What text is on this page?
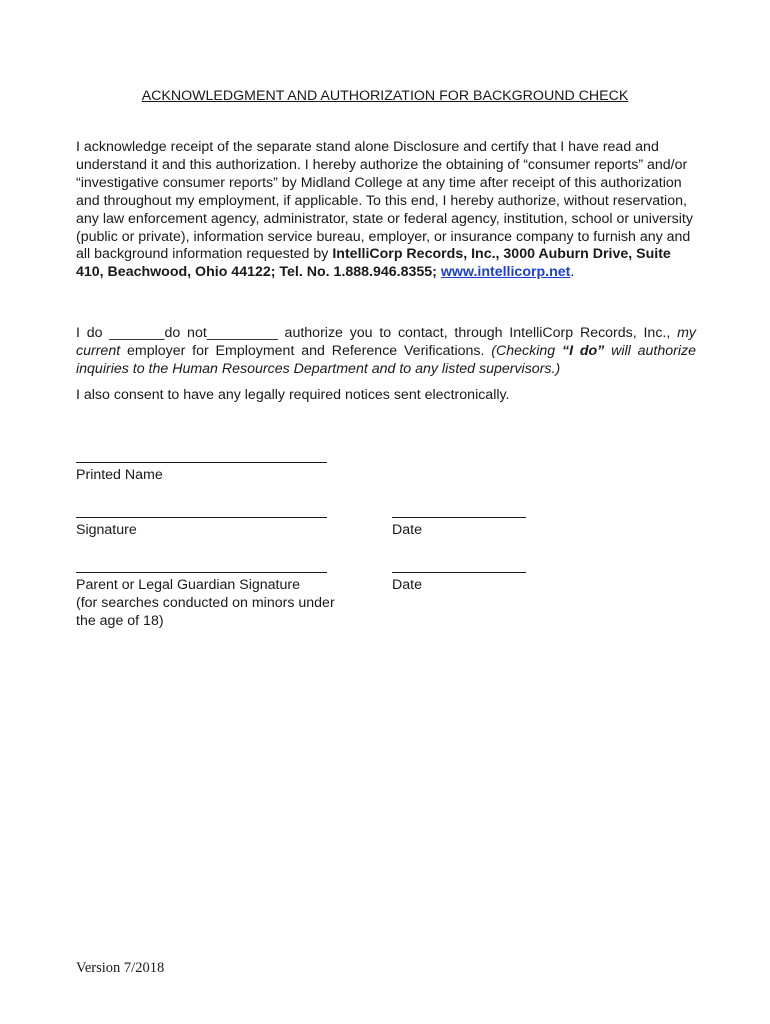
ACKNOWLEDGMENT AND AUTHORIZATION FOR BACKGROUND CHECK
I acknowledge receipt of the separate stand alone Disclosure and certify that I have read and understand it and this authorization. I hereby authorize the obtaining of “consumer reports” and/or “investigative consumer reports” by Midland College at any time after receipt of this authorization and throughout my employment, if applicable. To this end, I hereby authorize, without reservation, any law enforcement agency, administrator, state or federal agency, institution, school or university (public or private), information service bureau, employer, or insurance company to furnish any and all background information requested by IntelliCorp Records, Inc., 3000 Auburn Drive, Suite 410, Beachwood, Ohio 44122; Tel. No. 1.888.946.8355; www.intellicorp.net.
I do _______do not_________ authorize you to contact, through IntelliCorp Records, Inc., my current employer for Employment and Reference Verifications. (Checking “I do” will authorize inquiries to the Human Resources Department and to any listed supervisors.)
I also consent to have any legally required notices sent electronically.
Printed Name
Signature	Date
Parent or Legal Guardian Signature
(for searches conducted on minors under
the age of 18)
Date
Version 7/2018
